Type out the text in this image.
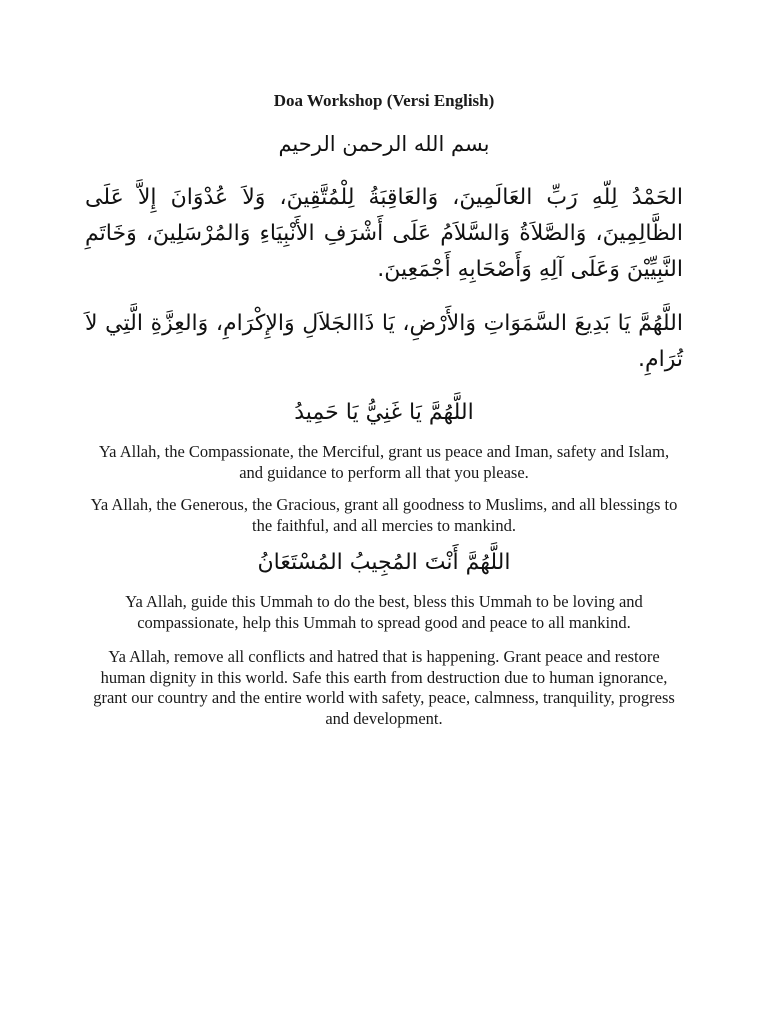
Doa Workshop (Versi English)
بسم الله الرحمن الرحيم
الحَمْدُ لِلّهِ رَبِّ العَالَمِينَ، وَالعَاقِبَةُ لِلْمُتَّقِينَ، وَلاَ عُدْوَانَ إِلاَّ عَلَى الظَّالِمِينَ، وَالصَّلاَةُ وَالسَّلاَمُ عَلَى أَشْرَفِ الأَنْبِيَاءِ وَالمُرْسَلِينَ، وَخَاتَمِ النَّبِيِّيْنَ وَعَلَى آلِهِ وَأَصْحَابِهِ أَجْمَعِينَ.
اللَّهُمَّ يَا بَدِيعَ السَّمَوَاتِ وَالأَرْضِ، يَا ذَاالجَلاَلِ وَالإِكْرَامِ، وَالعِزَّةِ الَّتِي لاَ تُرَامِ.
اللَّهُمَّ يَا غَنِيُّ يَا حَمِيدُ
Ya Allah, the Compassionate, the Merciful, grant us peace and Iman, safety and Islam, and guidance to perform all that you please.
Ya Allah, the Generous, the Gracious, grant all goodness to Muslims, and all blessings to the faithful, and all mercies to mankind.
اللَّهُمَّ أَنْتَ المُجِيبُ المُسْتَعَانُ
Ya Allah, guide this Ummah to do the best, bless this Ummah to be loving and compassionate, help this Ummah to spread good and peace to all mankind.
Ya Allah, remove all conflicts and hatred that is happening. Grant peace and restore human dignity in this world. Safe this earth from destruction due to human ignorance, grant our country and the entire world with safety, peace, calmness, tranquility, progress and development.
